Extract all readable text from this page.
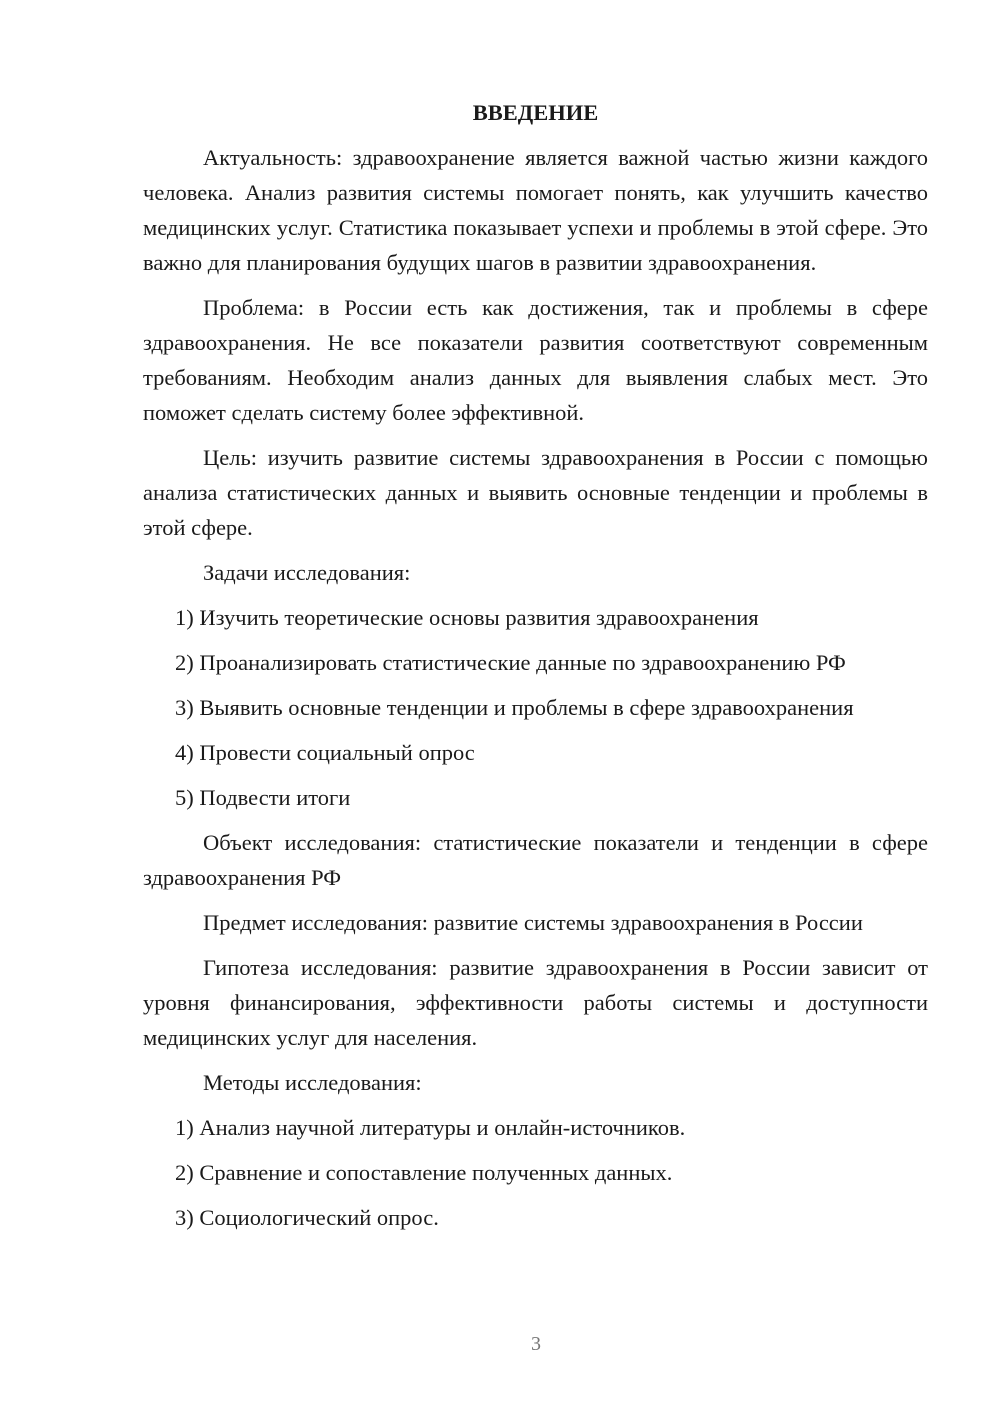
ВВЕДЕНИЕ

Актуальность: здравоохранение является важной частью жизни каждого человека. Анализ развития системы помогает понять, как улучшить качество медицинских услуг. Статистика показывает успехи и проблемы в этой сфере. Это важно для планирования будущих шагов в развитии здравоохранения.

Проблема: в России есть как достижения, так и проблемы в сфере здравоохранения. Не все показатели развития соответствуют современным требованиям. Необходим анализ данных для выявления слабых мест. Это поможет сделать систему более эффективной.

Цель: изучить развитие системы здравоохранения в России с помощью анализа статистических данных и выявить основные тенденции и проблемы в этой сфере.

Задачи исследования:
1) Изучить теоретические основы развития здравоохранения
2) Проанализировать статистические данные по здравоохранению РФ
3) Выявить основные тенденции и проблемы в сфере здравоохранения
4) Провести социальный опрос
5) Подвести итоги

Объект исследования: статистические показатели и тенденции в сфере здравоохранения РФ

Предмет исследования: развитие системы здравоохранения в России

Гипотеза исследования: развитие здравоохранения в России зависит от уровня финансирования, эффективности работы системы и доступности медицинских услуг для населения.

Методы исследования:
1) Анализ научной литературы и онлайн-источников.
2) Сравнение и сопоставление полученных данных.
3) Социологический опрос.
3
